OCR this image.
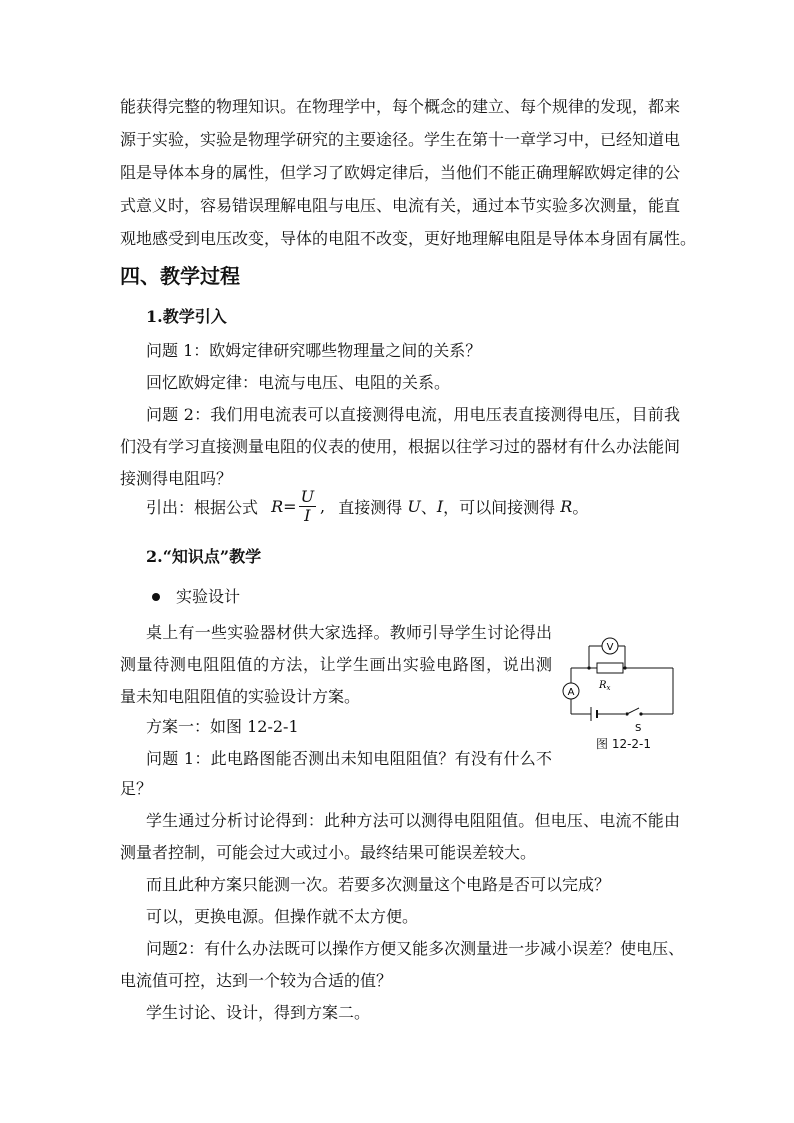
能获得完整的物理知识。在物理学中，每个概念的建立、每个规律的发现，都来
源于实验，实验是物理学研究的主要途径。学生在第十一章学习中，已经知道电
阻是导体本身的属性，但学习了欧姆定律后，当他们不能正确理解欧姆定律的公
式意义时，容易错误理解电阻与电压、电流有关，通过本节实验多次测量，能直
观地感受到电压改变，导体的电阻不改变，更好地理解电阻是导体本身固有属性。
四、教学过程
1.教学引入
问题 1：欧姆定律研究哪些物理量之间的关系？
回忆欧姆定律：电流与电压、电阻的关系。
问题 2：我们用电流表可以直接测得电流，用电压表直接测得电压，目前我
们没有学习直接测量电阻的仪表的使用，根据以往学习过的器材有什么办法能间
接测得电阻吗？
引出：根据公式 $R= \frac{U}{I}$ , 直接测得 U、I，可以间接测得 R。
2.“知识点”教学
实验设计
桌上有一些实验器材供大家选择。教师引导学生讨论得出
测量待测电阻阻值的方法，让学生画出实验电路图，说出测
量未知电阻阻值的实验设计方案。
方案一：如图 12-2-1
问题 1：此电路图能否测出未知电阻阻值？有没有什么不
足？
S
$R_x$
V
A
图 12-2-1
学生通过分析讨论得到：此种方法可以测得电阻阻值。但电压、电流不能由
测量者控制，可能会过大或过小。最终结果可能误差较大。
而且此种方案只能测一次。若要多次测量这个电路是否可以完成？
可以，更换电源。但操作就不太方便。
问题2：有什么办法既可以操作方便又能多次测量进一步减小误差？使电压、
电流值可控，达到一个较为合适的值？
学生讨论、设计，得到方案二。
